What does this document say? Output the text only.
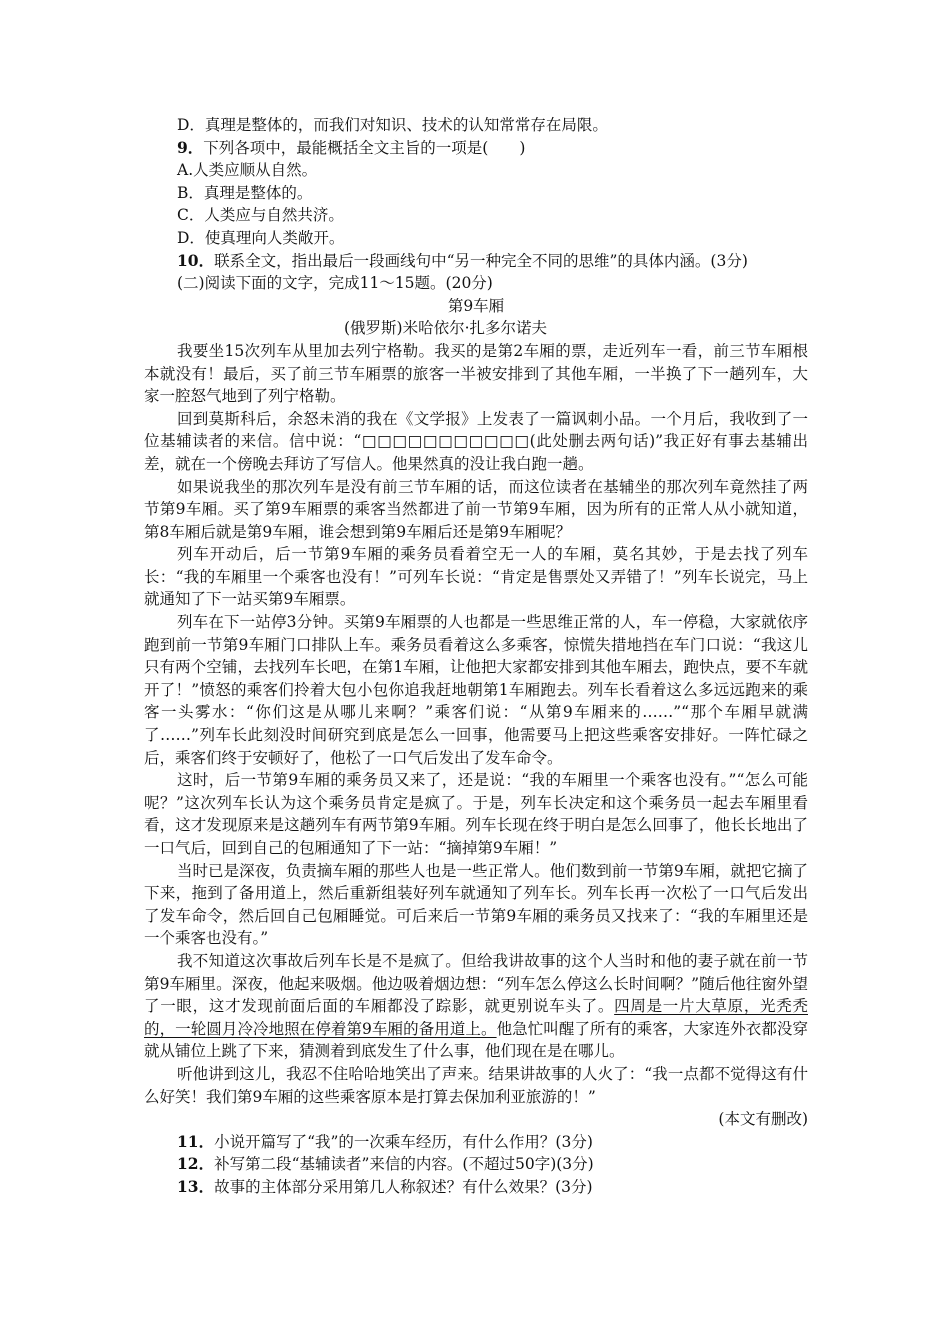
D．真理是整体的，而我们对知识、技术的认知常常存在局限。
9．下列各项中，最能概括全文主旨的一项是(　　)
A.人类应顺从自然。
B．真理是整体的。
C．人类应与自然共济。
D．使真理向人类敞开。
10．联系全文，指出最后一段画线句中“另一种完全不同的思维”的具体内涵。(3分)
(二)阅读下面的文字，完成11～15题。(20分)
第9车厢
(俄罗斯)米哈依尔·扎多尔诺夫
我要坐15次列车从里加去列宁格勒。我买的是第2车厢的票，走近列车一看，前三节车厢根本就没有！最后，买了前三节车厢票的旅客一半被安排到了其他车厢，一半换了下一趟列车，大家一腔怒气地到了列宁格勒。
回到莫斯科后，余怒未消的我在《文学报》上发表了一篇讽刺小品。一个月后，我收到了一位基辅读者的来信。信中说：“□□□□□□□□□□□(此处删去两句话)”我正好有事去基辅出差，就在一个傍晚去拜访了写信人。他果然真的没让我白跑一趟。
如果说我坐的那次列车是没有前三节车厢的话，而这位读者在基辅坐的那次列车竟然挂了两节第9车厢。买了第9车厢票的乘客当然都进了前一节第9车厢，因为所有的正常人从小就知道，第8车厢后就是第9车厢，谁会想到第9车厢后还是第9车厢呢？
列车开动后，后一节第9车厢的乘务员看着空无一人的车厢，莫名其妙，于是去找了列车长：“我的车厢里一个乘客也没有！”可列车长说：“肯定是售票处又弄错了！”列车长说完，马上就通知了下一站买第9车厢票。
列车在下一站停3分钟。买第9车厢票的人也都是一些思维正常的人，车一停稳，大家就依序跑到前一节第9车厢门口排队上车。乘务员看着这么多乘客，惊慌失措地挡在车门口说：“我这儿只有两个空铺，去找列车长吧，在第1车厢，让他把大家都安排到其他车厢去，跑快点，要不车就开了！”愤怒的乘客们拎着大包小包你追我赶地朝第1车厢跑去。列车长看着这么多远远跑来的乘客一头雾水：“你们这是从哪儿来啊？”乘客们说：“从第9车厢来的……”“那个车厢早就满了……”列车长此刻没时间研究到底是怎么一回事，他需要马上把这些乘客安排好。一阵忙碌之后，乘客们终于安顿好了，他松了一口气后发出了发车命令。
这时，后一节第9车厢的乘务员又来了，还是说：“我的车厢里一个乘客也没有。”“怎么可能呢？”这次列车长认为这个乘务员肯定是疯了。于是，列车长决定和这个乘务员一起去车厢里看看，这才发现原来是这趟列车有两节第9车厢。列车长现在终于明白是怎么回事了，他长长地出了一口气后，回到自己的包厢通知了下一站：“摘掉第9车厢！”
当时已是深夜，负责摘车厢的那些人也是一些正常人。他们数到前一节第9车厢，就把它摘了下来，拖到了备用道上，然后重新组装好列车就通知了列车长。列车长再一次松了一口气后发出了发车命令，然后回自己包厢睡觉。可后来后一节第9车厢的乘务员又找来了：“我的车厢里还是一个乘客也没有。”
我不知道这次事故后列车长是不是疯了。但给我讲故事的这个人当时和他的妻子就在前一节第9车厢里。深夜，他起来吸烟。他边吸着烟边想：“列车怎么停这么长时间啊？”随后他往窗外望了一眼，这才发现前面后面的车厢都没了踪影，就更别说车头了。四周是一片大草原，光秃秃的，一轮圆月冷冷地照在停着第9车厢的备用道上。他急忙叫醒了所有的乘客，大家连外衣都没穿就从铺位上跳了下来，猜测着到底发生了什么事，他们现在是在哪儿。
听他讲到这儿，我忍不住哈哈地笑出了声来。结果讲故事的人火了：“我一点都不觉得这有什么好笑！我们第9车厢的这些乘客原本是打算去保加利亚旅游的！”
(本文有删改)
11．小说开篇写了“我”的一次乘车经历，有什么作用？(3分)
12．补写第二段“基辅读者”来信的内容。(不超过50字)(3分)
13．故事的主体部分采用第几人称叙述？有什么效果？(3分)
